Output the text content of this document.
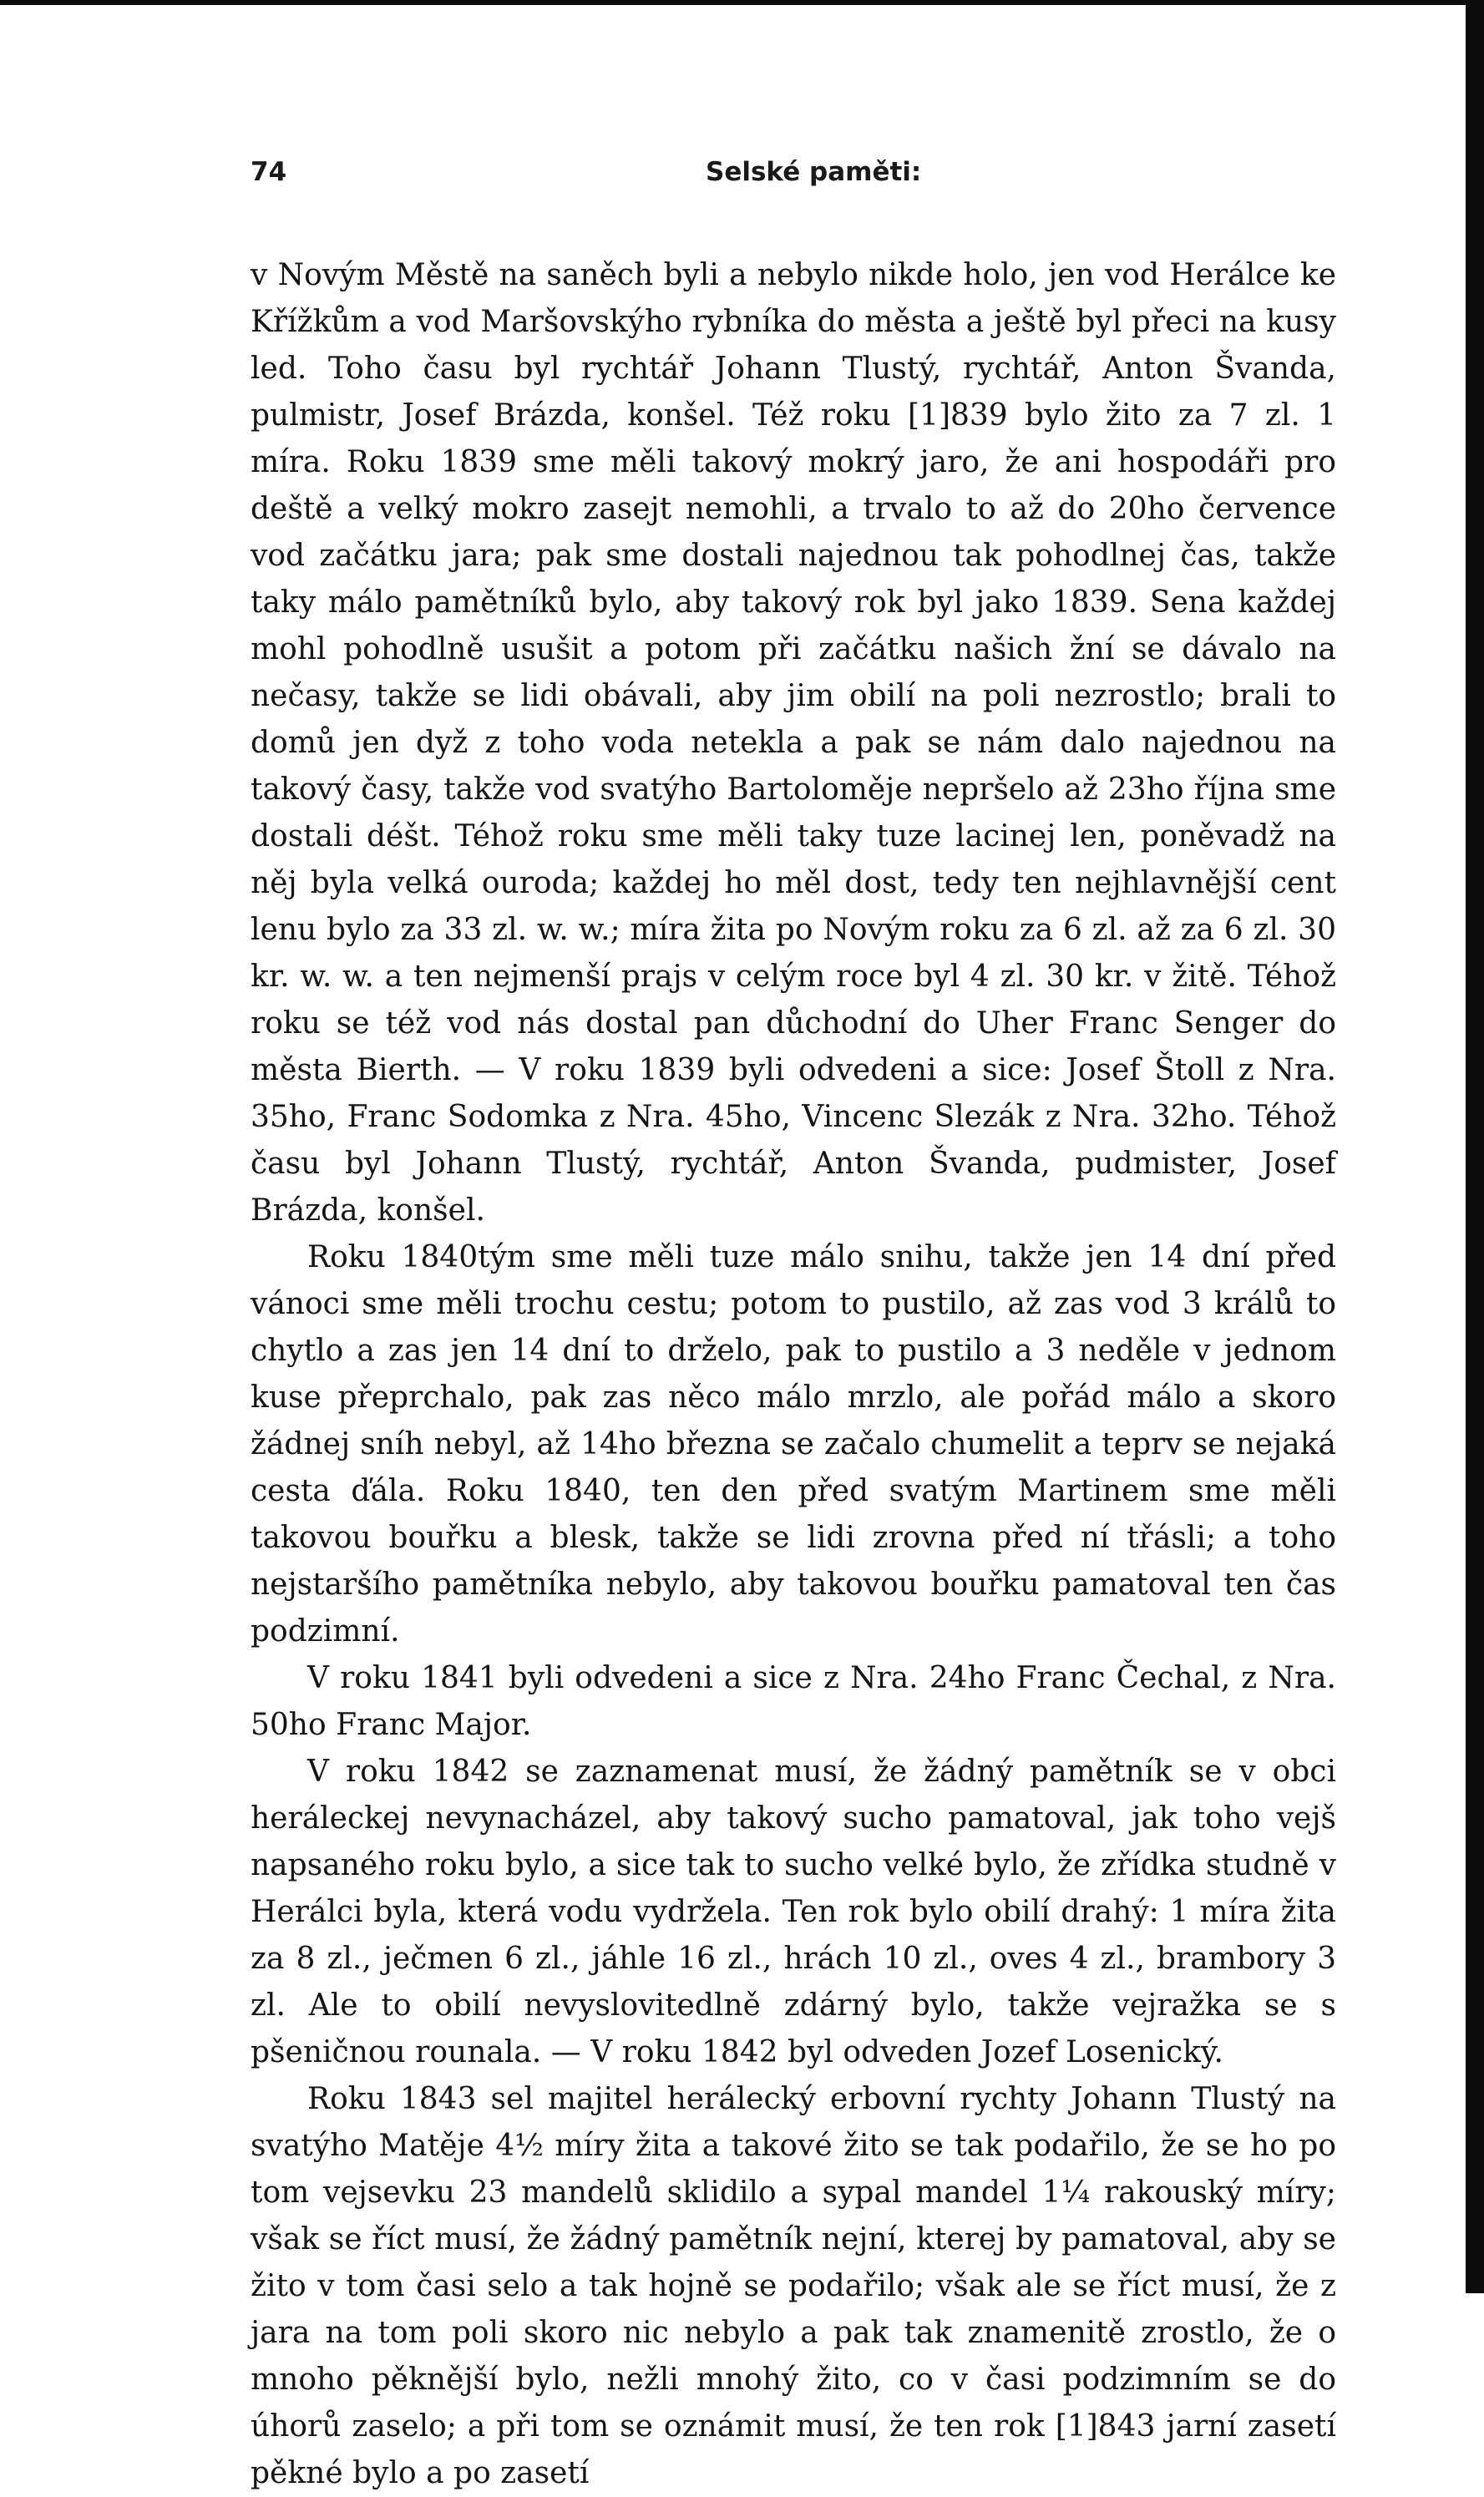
74	Selské paměti:

v Novým Městě na saněch byli a nebylo nikde holo, jen vod Herálce ke Křížkům a vod Maršovskýho rybníka do města a ještě byl přeci na kusy led. Toho času byl rychtář Johann Tlustý, rychtář, Anton Švanda, pulmistr, Josef Brázda, konšel. Též roku [1]839 bylo žito za 7 zl. 1 míra. Roku 1839 sme měli takový mokrý jaro, že ani hospodáři pro deště a velký mokro zasejt nemohli, a trvalo to až do 20ho července vod začátku jara; pak sme dostali najednou tak pohodlnej čas, takže taky málo pamětníků bylo, aby takový rok byl jako 1839. Sena každej mohl pohodlně usušit a potom při začátku našich žní se dávalo na nečasy, takže se lidi obávali, aby jim obilí na poli nezrostlo; brali to domů jen dyž z toho voda netekla a pak se nám dalo najednou na takový časy, takže vod svatýho Bartoloměje nepršelo až 23ho října sme dostali déšt. Téhož roku sme měli taky tuze lacinej len, poněvadž na něj byla velká ouroda; každej ho měl dost, tedy ten nejhlavnější cent lenu bylo za 33 zl. w. w.; míra žita po Novým roku za 6 zl. až za 6 zl. 30 kr. w. w. a ten nejmenší prajs v celým roce byl 4 zl. 30 kr. v žitě. Téhož roku se též vod nás dostal pan důchodní do Uher Franc Senger do města Bierth. — V roku 1839 byli odvedeni a sice: Josef Štoll z Nra. 35ho, Franc Sodomka z Nra. 45ho, Vincenc Slezák z Nra. 32ho. Téhož času byl Johann Tlustý, rychtář, Anton Švanda, pudmister, Josef Brázda, konšel.

Roku 1840tým sme měli tuze málo snihu, takže jen 14 dní před vánoci sme měli trochu cestu; potom to pustilo, až zas vod 3 králů to chytlo a zas jen 14 dní to drželo, pak to pustilo a 3 neděle v jednom kuse přeprchalo, pak zas něco málo mrzlo, ale pořád málo a skoro žádnej sníh nebyl, až 14ho března se začalo chumelit a teprv se nejaká cesta ďála. Roku 1840, ten den před svatým Martinem sme měli takovou bouřku a blesk, takže se lidi zrovna před ní třásli; a toho nejstaršího pamětníka nebylo, aby takovou bouřku pamatoval ten čas podzimní.

V roku 1841 byli odvedeni a sice z Nra. 24ho Franc Čechal, z Nra. 50ho Franc Major.

V roku 1842 se zaznamenat musí, že žádný pamětník se v obci heráleckej nevynacházel, aby takový sucho pamatoval, jak toho vejš napsaného roku bylo, a sice tak to sucho velké bylo, že zřídka studně v Herálci byla, která vodu vydržela. Ten rok bylo obilí drahý: 1 míra žita za 8 zl., ječmen 6 zl., jáhle 16 zl., hrách 10 zl., oves 4 zl., brambory 3 zl. Ale to obilí nevyslovitedlně zdárný bylo, takže vejražka se s pšeničnou rounala. — V roku 1842 byl odveden Jozef Losenický.

Roku 1843 sel majitel herálecký erbovní rychty Johann Tlustý na svatýho Matěje 4½ míry žita a takové žito se tak podařilo, že se ho po tom vejsevku 23 mandelů sklidilo a sypal mandel 1¼ rakouský míry; však se říct musí, že žádný pamětník nejní, kterej by pamatoval, aby se žito v tom časi selo a tak hojně se podařilo; však ale se říct musí, že z jara na tom poli skoro nic nebylo a pak tak znamenitě zrostlo, že o mnoho pěknější bylo, nežli mnohý žito, co v časi podzimním se do úhorů zaselo; a při tom se oznámit musí, že ten rok [1]843 jarní zasetí pěkné bylo a po zasetí
